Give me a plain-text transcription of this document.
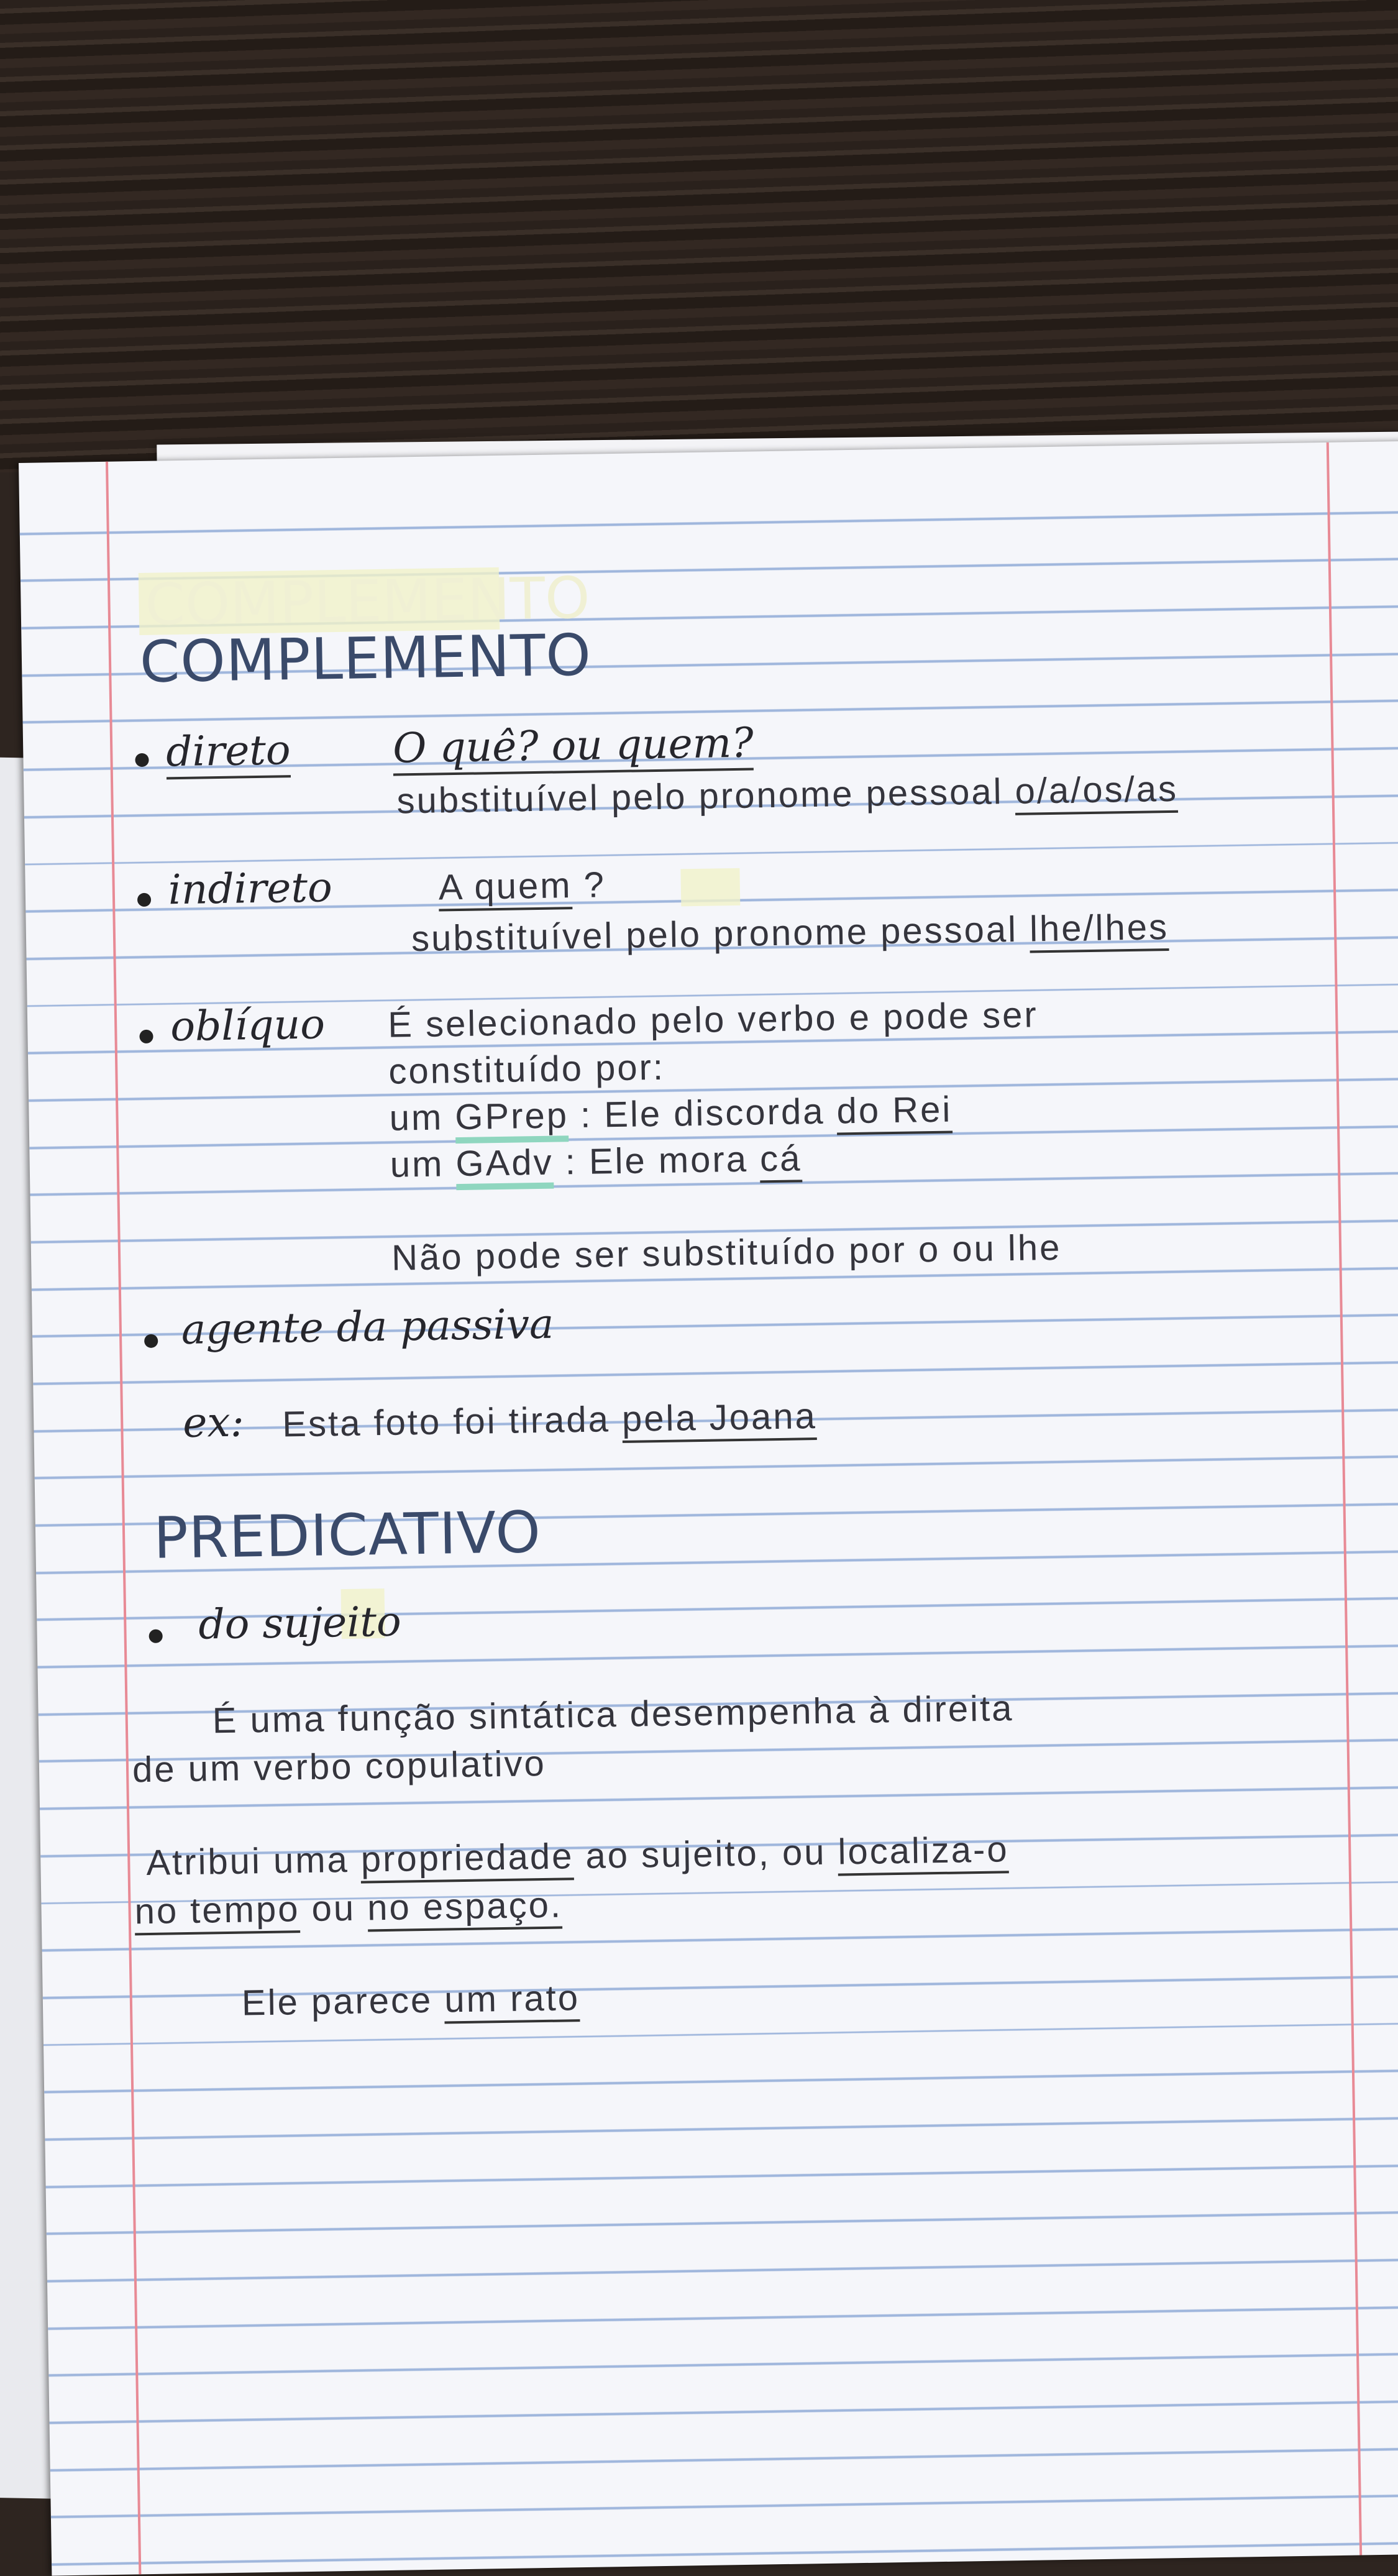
COMPLEMENTO
COMPLEMENTO
direto O quê? ou quem?
substituível pelo pronome pessoal o/a/os/as
indireto	A quem ?
substituível pelo pronome pessoal lhe/lhes
oblíquo É selecionado pelo verbo e pode ser
constituído por:
um GPrep : Ele discorda do Rei
um GAdv : Ele mora cá
Não pode ser substituído por o ou lhe
agente da passiva
ex: Esta foto foi tirada pela Joana
PREDICATIVO
do sujeito
É uma função sintática desempenha à direita
de um verbo copulativo
Atribui uma propriedade ao sujeito, ou localiza-o
no tempo ou no espaço.
Ele parece um rato
